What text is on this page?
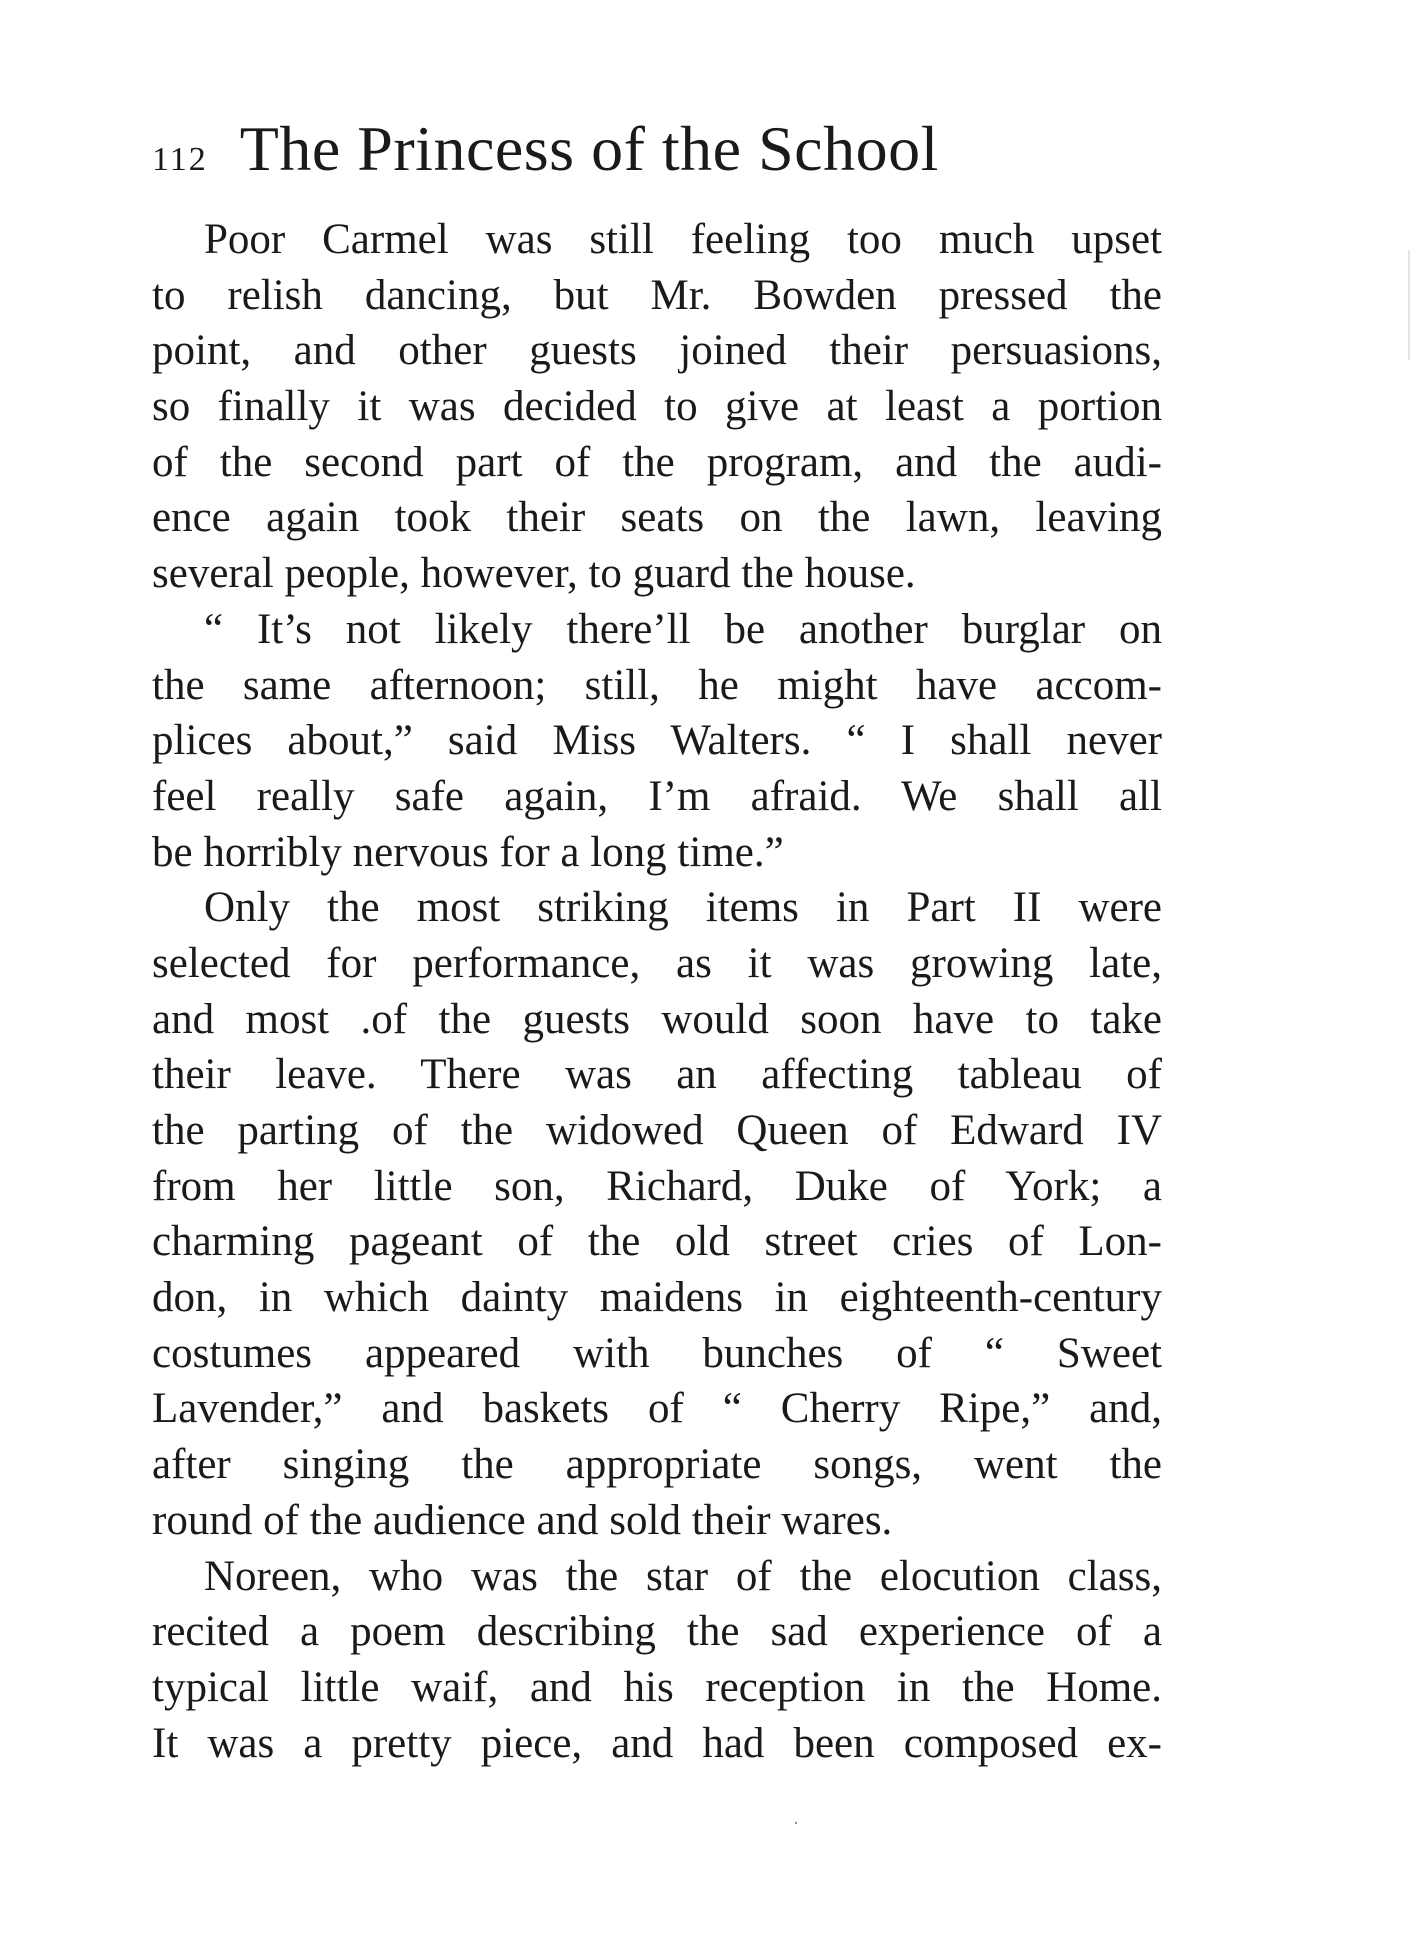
112 The Princess of the School
Poor Carmel was still feeling too much upset
to relish dancing, but Mr. Bowden pressed the
point, and other guests joined their persuasions,
so finally it was decided to give at least a portion
of the second part of the program, and the audi-
ence again took their seats on the lawn, leaving
several people, however, to guard the house.
“ It’s not likely there’ll be another burglar on
the same afternoon; still, he might have accom-
plices about,” said Miss Walters. “ I shall never
feel really safe again, I’m afraid. We shall all
be horribly nervous for a long time.”
Only the most striking items in Part II were
selected for performance, as it was growing late,
and most .of the guests would soon have to take
their leave. There was an affecting tableau of
the parting of the widowed Queen of Edward IV
from her little son, Richard, Duke of York; a
charming pageant of the old street cries of Lon-
don, in which dainty maidens in eighteenth-century
costumes appeared with bunches of “ Sweet
Lavender,” and baskets of “ Cherry Ripe,” and,
after singing the appropriate songs, went the
round of the audience and sold their wares.
Noreen, who was the star of the elocution class,
recited a poem describing the sad experience of a
typical little waif, and his reception in the Home.
It was a pretty piece, and had been composed ex-
